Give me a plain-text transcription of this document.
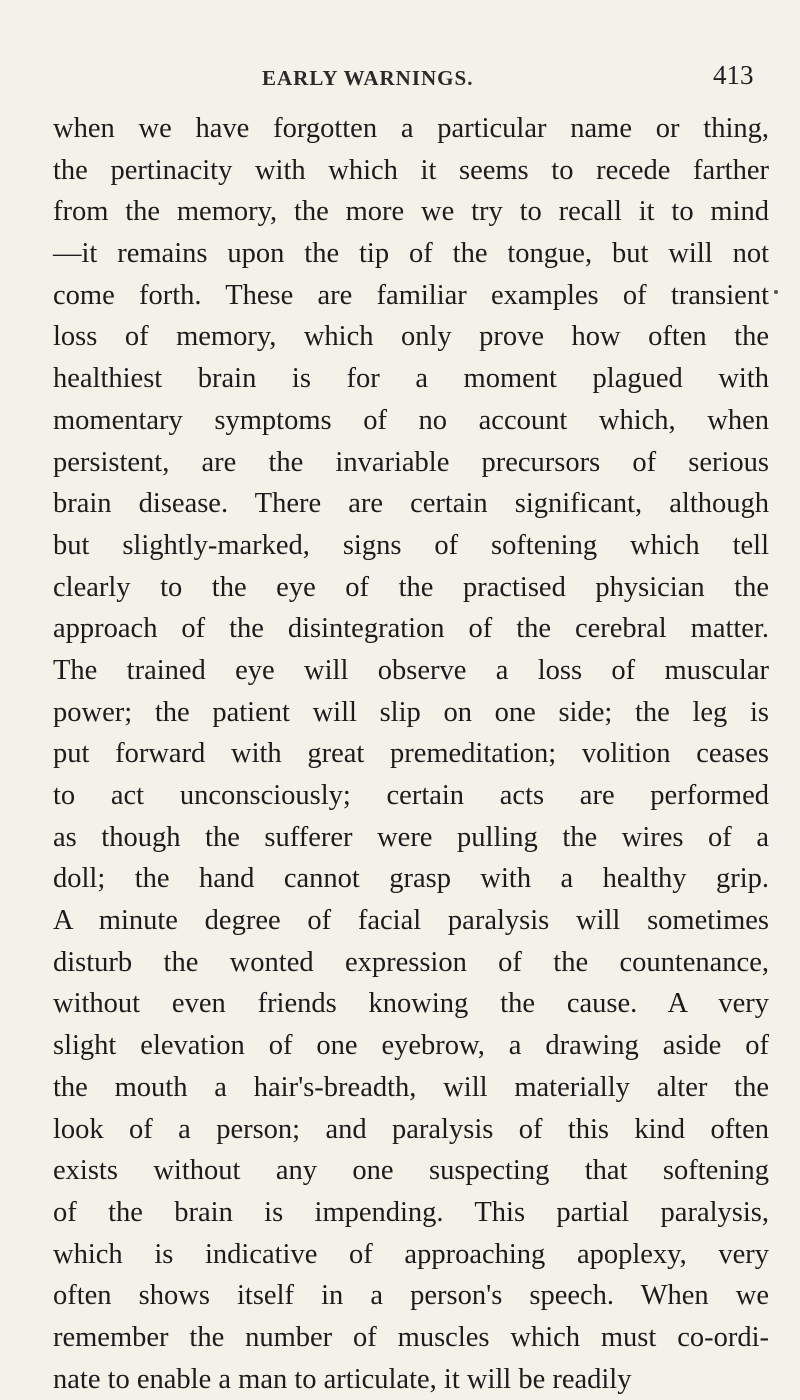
EARLY WARNINGS.	413
when we have forgotten a particular name or thing,
the pertinacity with which it seems to recede farther
from the memory, the more we try to recall it to mind
—it remains upon the tip of the tongue, but will not
come forth. These are familiar examples of transient
loss of memory, which only prove how often the
healthiest brain is for a moment plagued with
momentary symptoms of no account which, when
persistent, are the invariable precursors of serious
brain disease. There are certain significant, although
but slightly-marked, signs of softening which tell
clearly to the eye of the practised physician the
approach of the disintegration of the cerebral matter.
The trained eye will observe a loss of muscular
power; the patient will slip on one side; the leg is
put forward with great premeditation; volition ceases
to act unconsciously; certain acts are performed
as though the sufferer were pulling the wires of a
doll; the hand cannot grasp with a healthy grip.
A minute degree of facial paralysis will sometimes
disturb the wonted expression of the countenance,
without even friends knowing the cause. A very
slight elevation of one eyebrow, a drawing aside of
the mouth a hair's-breadth, will materially alter the
look of a person; and paralysis of this kind often
exists without any one suspecting that softening
of the brain is impending. This partial paralysis,
which is indicative of approaching apoplexy, very
often shows itself in a person's speech. When we
remember the number of muscles which must co-ordi-
nate to enable a man to articulate, it will be readily
